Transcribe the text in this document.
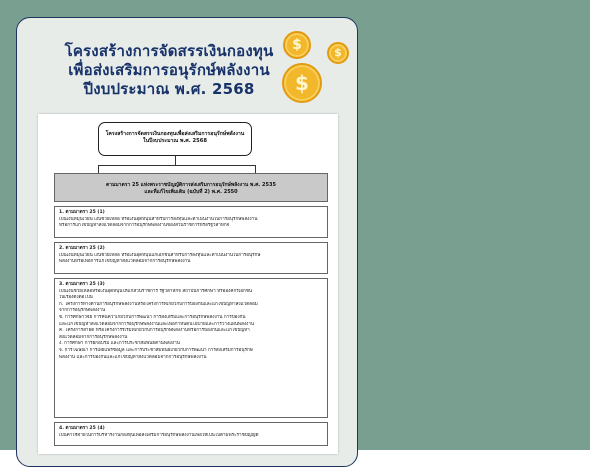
โครงสร้างการจัดสรรเงินกองทุน
เพื่อส่งเสริมการอนุรักษ์พลังงาน
ปีงบประมาณ พ.ศ. 2568
$	$
$
โครงสร้างการจัดสรรเงินกองทุนเพื่อส่งเสริมการอนุรักษ์พลังงาน
ในปีงบประมาณ พ.ศ. 2568
ตามมาตรา 25 แห่งพระราชบัญญัติการส่งเสริมการอนุรักษ์พลังงาน พ.ศ. 2535
และที่แก้ไขเพิ่มเติม (ฉบับที่ 2) พ.ศ. 2550
1. ตามมาตรา 25 (1)
เป็นเงินหมุนเวียน เงินช่วยเหลือ หรือเงินอุดหนุนสำหรับการลงทุนและดำเนินงานในการอนุรักษ์พลังงาน
หรือการแก้ไขปัญหาสิ่งแวดล้อมจากการอนุรักษ์พลังงานของส่วนราชการหรือรัฐวิสาหกิจ
2. ตามมาตรา 25 (2)
เป็นเงินหมุนเวียน เงินช่วยเหลือ หรือเงินอุดหนุนแก่เอกชนสำหรับการลงทุนและดำเนินงานในการอนุรักษ์
พลังงานหรือเพื่อการแก้ไขปัญหาสิ่งแวดล้อมจากการอนุรักษ์พลังงาน
3. ตามมาตรา 25 (3)
เป็นเงินช่วยเหลือหรือเงินอุดหนุนให้แก่ส่วนราชการ รัฐวิสาหกิจ สถาบันการศึกษา หรือองค์กรเอกชน
ในเรื่องดังต่อไปนี้
ก. โครงการทางด้านการอนุรักษ์พลังงานหรือโครงการที่เกี่ยวกับการป้องกันและแก้ไขปัญหาสิ่งแวดล้อม
จากการอนุรักษ์พลังงาน
ข. การศึกษาวิจัย การค้นคว้าเกี่ยวกับการพัฒนา การส่งเสริมและการอนุรักษ์พลังงาน การป้องกัน
และแก้ไขปัญหาสิ่งแวดล้อมจากการอนุรักษ์พลังงานและเพื่อกำหนดนโยบายและการวางแผนพลังงาน
ค. โครงการสาธิต หรือโครงการริเริ่มที่เกี่ยวกับการอนุรักษ์พลังงานหรือการป้องกันและแก้ไขปัญหา
สิ่งแวดล้อมจากการอนุรักษ์พลังงาน
ง. การศึกษา การฝึกอบรม และการประชาสัมพันธ์ด้านพลังงาน
จ. การโฆษณา การเผยแพร่ข้อมูล และการประชาสัมพันธ์เกี่ยวกับการพัฒนา การส่งเสริมการอนุรักษ์
พลังงาน และการป้องกันและแก้ไขปัญหาสิ่งแวดล้อมจากการอนุรักษ์พลังงาน
4. ตามมาตรา 25 (4)
เป็นค่าใช้จ่ายในการบริหารงานกองทุนเพื่อส่งเสริมการอนุรักษ์พลังงานเพื่อให้เป็นไปตามพระราชบัญญัติ
